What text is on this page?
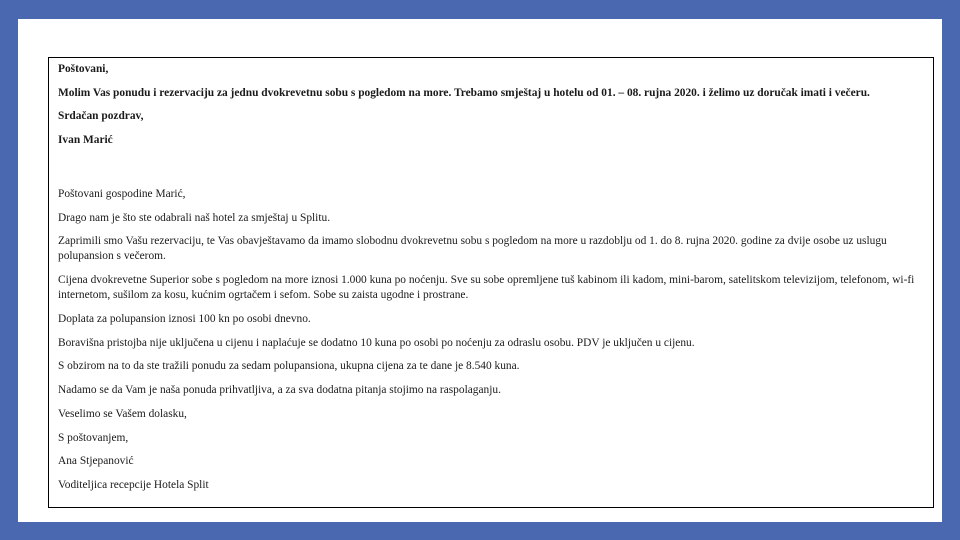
Poštovani,
Molim Vas ponudu i rezervaciju za jednu dvokrevetnu sobu s pogledom na more. Trebamo smještaj u hotelu od 01. – 08. rujna 2020. i želimo uz doručak imati i večeru.
Srdačan pozdrav,
Ivan Marić
Poštovani gospodine Marić,
Drago nam je što ste odabrali naš hotel za smještaj u Splitu.
Zaprimili smo Vašu rezervaciju, te Vas obavještavamo da imamo slobodnu dvokrevetnu sobu s pogledom na more u razdoblju od 1. do 8. rujna 2020. godine za dvije osobe uz uslugu polupansion s večerom.
Cijena dvokrevetne Superior sobe s pogledom na more iznosi 1.000 kuna po noćenju. Sve su sobe opremljene tuš kabinom ili kadom, mini-barom, satelitskom televizijom, telefonom, wi-fi internetom, sušilom za kosu, kućnim ogrtačem i sefom. Sobe su zaista ugodne i prostrane.
Doplata za polupansion iznosi 100 kn po osobi dnevno.
Boravišna pristojba nije uključena u cijenu i naplaćuje se dodatno 10 kuna po osobi po noćenju za odraslu osobu. PDV je uključen u cijenu.
S obzirom na to da ste tražili ponudu za sedam polupansiona, ukupna cijena za te dane je 8.540 kuna.
Nadamo se da Vam je naša ponuda prihvatljiva, a za sva dodatna pitanja stojimo na raspolaganju.
Veselimo se Vašem dolasku,
S poštovanjem,
Ana Stjepanović
Voditeljica recepcije Hotela Split
